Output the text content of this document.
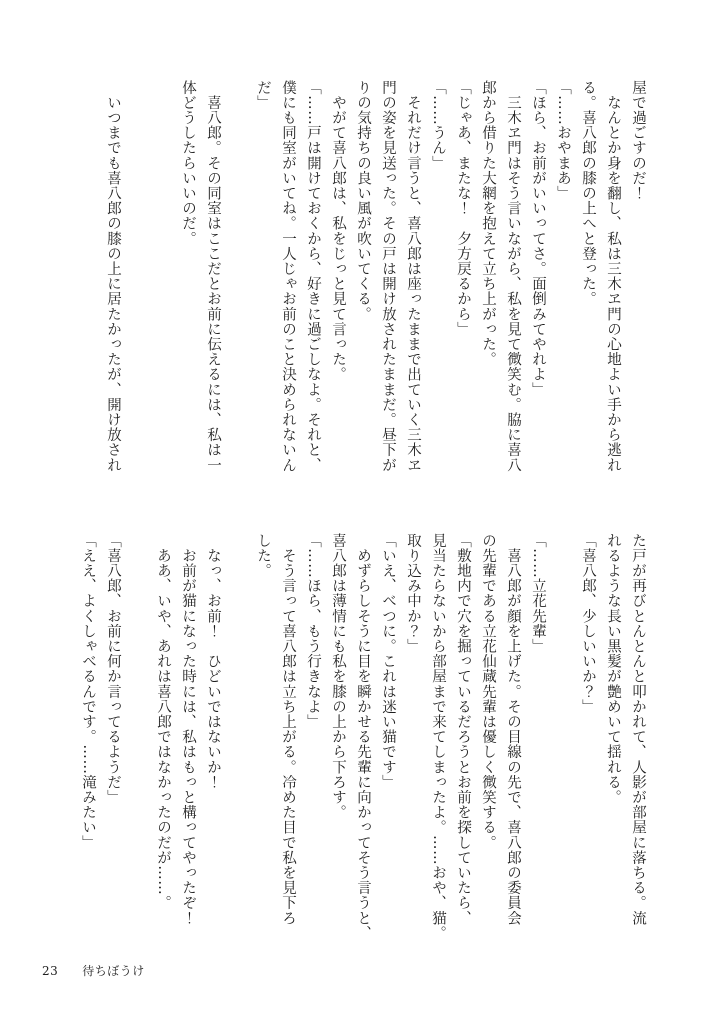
屋で過ごすのだ！
　なんとか身を翻し、私は三木ヱ門の心地よい手から逃れ
る。喜八郎の膝の上へと登った。
「……おやまあ」
「ほら、お前がいいってさ。面倒みてやれよ」
　三木ヱ門はそう言いながら、私を見て微笑む。脇に喜八
郎から借りた大網を抱えて立ち上がった。
「じゃあ、またな！　夕方戻るから」
「……うん」
　それだけ言うと、喜八郎は座ったままで出ていく三木ヱ
門の姿を見送った。その戸は開け放されたままだ。昼下が
りの気持ちの良い風が吹いてくる。
　やがて喜八郎は、私をじっと見て言った。
「……戸は開けておくから、好きに過ごしなよ。それと、
僕にも同室がいてね。一人じゃお前のこと決められないん
だ」

　喜八郎。その同室はここだとお前に伝えるには、私は一
体どうしたらいいのだ。

　いつまでも喜八郎の膝の上に居たかったが、開け放され
た戸が再びとんとんと叩かれて、人影が部屋に落ちる。流
れるような長い黒髪が艶めいて揺れる。
「喜八郎、少しいいか？」

「……立花先輩」
　喜八郎が顔を上げた。その目線の先で、喜八郎の委員会
の先輩である立花仙蔵先輩は優しく微笑する。
「敷地内で穴を掘っているだろうとお前を探していたら、
見当たらないから部屋まで来てしまったよ。……おや、猫。
取り込み中か？」
「いえ、べつに。これは迷い猫です」
　めずらしそうに目を瞬かせる先輩に向かってそう言うと、
喜八郎は薄情にも私を膝の上から下ろす。
「……ほら、もう行きなよ」
　そう言って喜八郎は立ち上がる。冷めた目で私を見下ろ
した。

　なっ、お前！　ひどいではないか！
　お前が猫になった時には、私はもっと構ってやったぞ！
　ああ、いや、あれは喜八郎ではなかったのだが……。

「喜八郎、お前に何か言ってるようだ」
「ええ、よくしゃべるんです。……滝みたい」
23 待ちぼうけ
